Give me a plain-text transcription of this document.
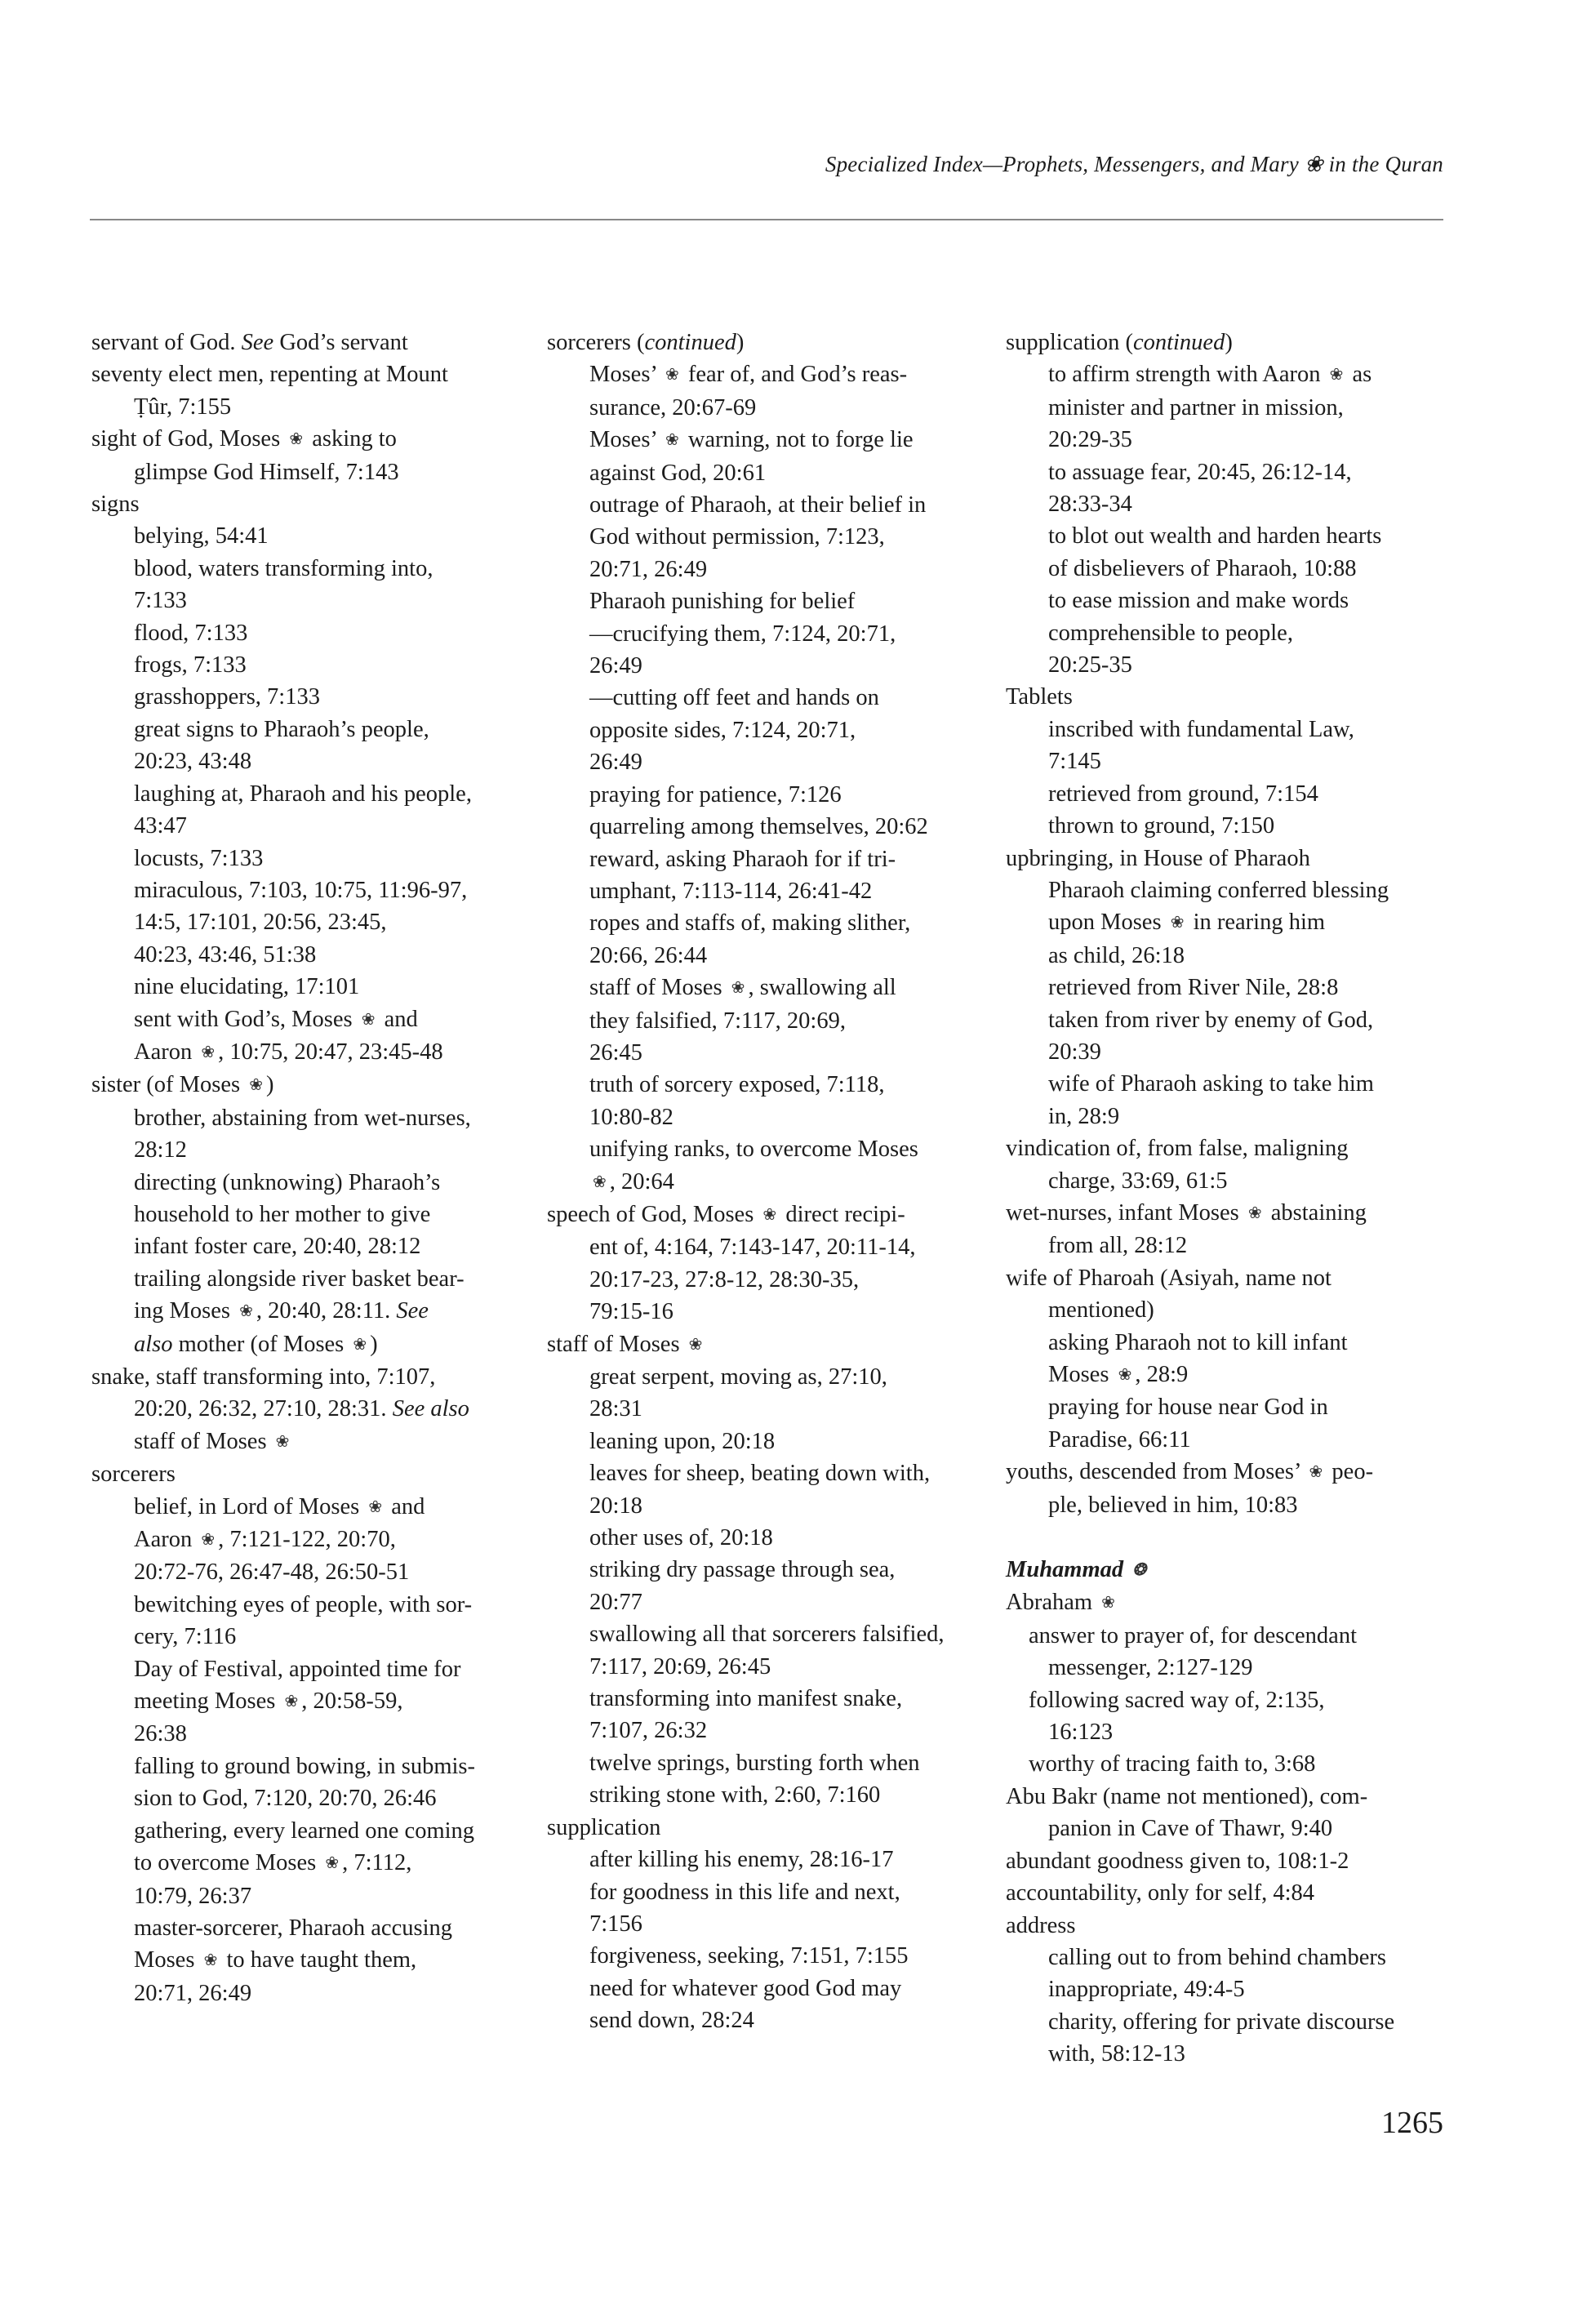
Specialized Index—Prophets, Messengers, and Mary ❀ in the Quran
servant of God. See God’s servant
seventy elect men, repenting at Mount
Ṭûr, 7:155
sight of God, Moses ❀ asking to
glimpse God Himself, 7:143
signs
belying, 54:41
blood, waters transforming into,
7:133
flood, 7:133
frogs, 7:133
grasshoppers, 7:133
great signs to Pharaoh’s people,
20:23, 43:48
laughing at, Pharaoh and his people,
43:47
locusts, 7:133
miraculous, 7:103, 10:75, 11:96-97,
14:5, 17:101, 20:56, 23:45,
40:23, 43:46, 51:38
nine elucidating, 17:101
sent with God’s, Moses ❀ and
Aaron ❀ , 10:75, 20:47, 23:45-48
sister (of Moses ❀ )
brother, abstaining from wet-nurses,
28:12
directing (unknowing) Pharaoh’s
household to her mother to give
infant foster care, 20:40, 28:12
trailing alongside river basket bear-
ing Moses ❀ , 20:40, 28:11. See
also mother (of Moses ❀ )
snake, staff transforming into, 7:107,
20:20, 26:32, 27:10, 28:31. See also
staff of Moses ❀
sorcerers
belief, in Lord of Moses ❀ and
Aaron ❀ , 7:121-122, 20:70,
20:72-76, 26:47-48, 26:50-51
bewitching eyes of people, with sor-
cery, 7:116
Day of Festival, appointed time for
meeting Moses ❀ , 20:58-59,
26:38
falling to ground bowing, in submis-
sion to God, 7:120, 20:70, 26:46
gathering, every learned one coming
to overcome Moses ❀ , 7:112,
10:79, 26:37
master-sorcerer, Pharaoh accusing
Moses ❀ to have taught them,
20:71, 26:49
sorcerers (continued)
Moses’ ❀ fear of, and God’s reas-
surance, 20:67-69
Moses’ ❀ warning, not to forge lie
against God, 20:61
outrage of Pharaoh, at their belief in
God without permission, 7:123,
20:71, 26:49
Pharaoh punishing for belief
—crucifying them, 7:124, 20:71,
26:49
—cutting off feet and hands on
opposite sides, 7:124, 20:71,
26:49
praying for patience, 7:126
quarreling among themselves, 20:62
reward, asking Pharaoh for if tri-
umphant, 7:113-114, 26:41-42
ropes and staffs of, making slither,
20:66, 26:44
staff of Moses ❀ , swallowing all
they falsified, 7:117, 20:69,
26:45
truth of sorcery exposed, 7:118,
10:80-82
unifying ranks, to overcome Moses
❀ , 20:64
speech of God, Moses ❀ direct recipi-
ent of, 4:164, 7:143-147, 20:11-14,
20:17-23, 27:8-12, 28:30-35,
79:15-16
staff of Moses ❀
great serpent, moving as, 27:10,
28:31
leaning upon, 20:18
leaves for sheep, beating down with,
20:18
other uses of, 20:18
striking dry passage through sea,
20:77
swallowing all that sorcerers falsified,
7:117, 20:69, 26:45
transforming into manifest snake,
7:107, 26:32
twelve springs, bursting forth when
striking stone with, 2:60, 7:160
supplication
after killing his enemy, 28:16-17
for goodness in this life and next,
7:156
forgiveness, seeking, 7:151, 7:155
need for whatever good God may
send down, 28:24
supplication (continued)
to affirm strength with Aaron ❀ as
minister and partner in mission,
20:29-35
to assuage fear, 20:45, 26:12-14,
28:33-34
to blot out wealth and harden hearts
of disbelievers of Pharaoh, 10:88
to ease mission and make words
comprehensible to people,
20:25-35
Tablets
inscribed with fundamental Law,
7:145
retrieved from ground, 7:154
thrown to ground, 7:150
upbringing, in House of Pharaoh
Pharaoh claiming conferred blessing
upon Moses ❀ in rearing him
as child, 26:18
retrieved from River Nile, 28:8
taken from river by enemy of God,
20:39
wife of Pharaoh asking to take him
in, 28:9
vindication of, from false, maligning
charge, 33:69, 61:5
wet-nurses, infant Moses ❀ abstaining
from all, 28:12
wife of Pharoah (Asiyah, name not
mentioned)
asking Pharaoh not to kill infant
Moses ❀ , 28:9
praying for house near God in
Paradise, 66:11
youths, descended from Moses’ ❀ peo-
ple, believed in him, 10:83
Muhammad ❂
Abraham ❀
answer to prayer of, for descendant
messenger, 2:127-129
following sacred way of, 2:135,
16:123
worthy of tracing faith to, 3:68
Abu Bakr (name not mentioned), com-
panion in Cave of Thawr, 9:40
abundant goodness given to, 108:1-2
accountability, only for self, 4:84
address
calling out to from behind chambers
inappropriate, 49:4-5
charity, offering for private discourse
with, 58:12-13
1265
